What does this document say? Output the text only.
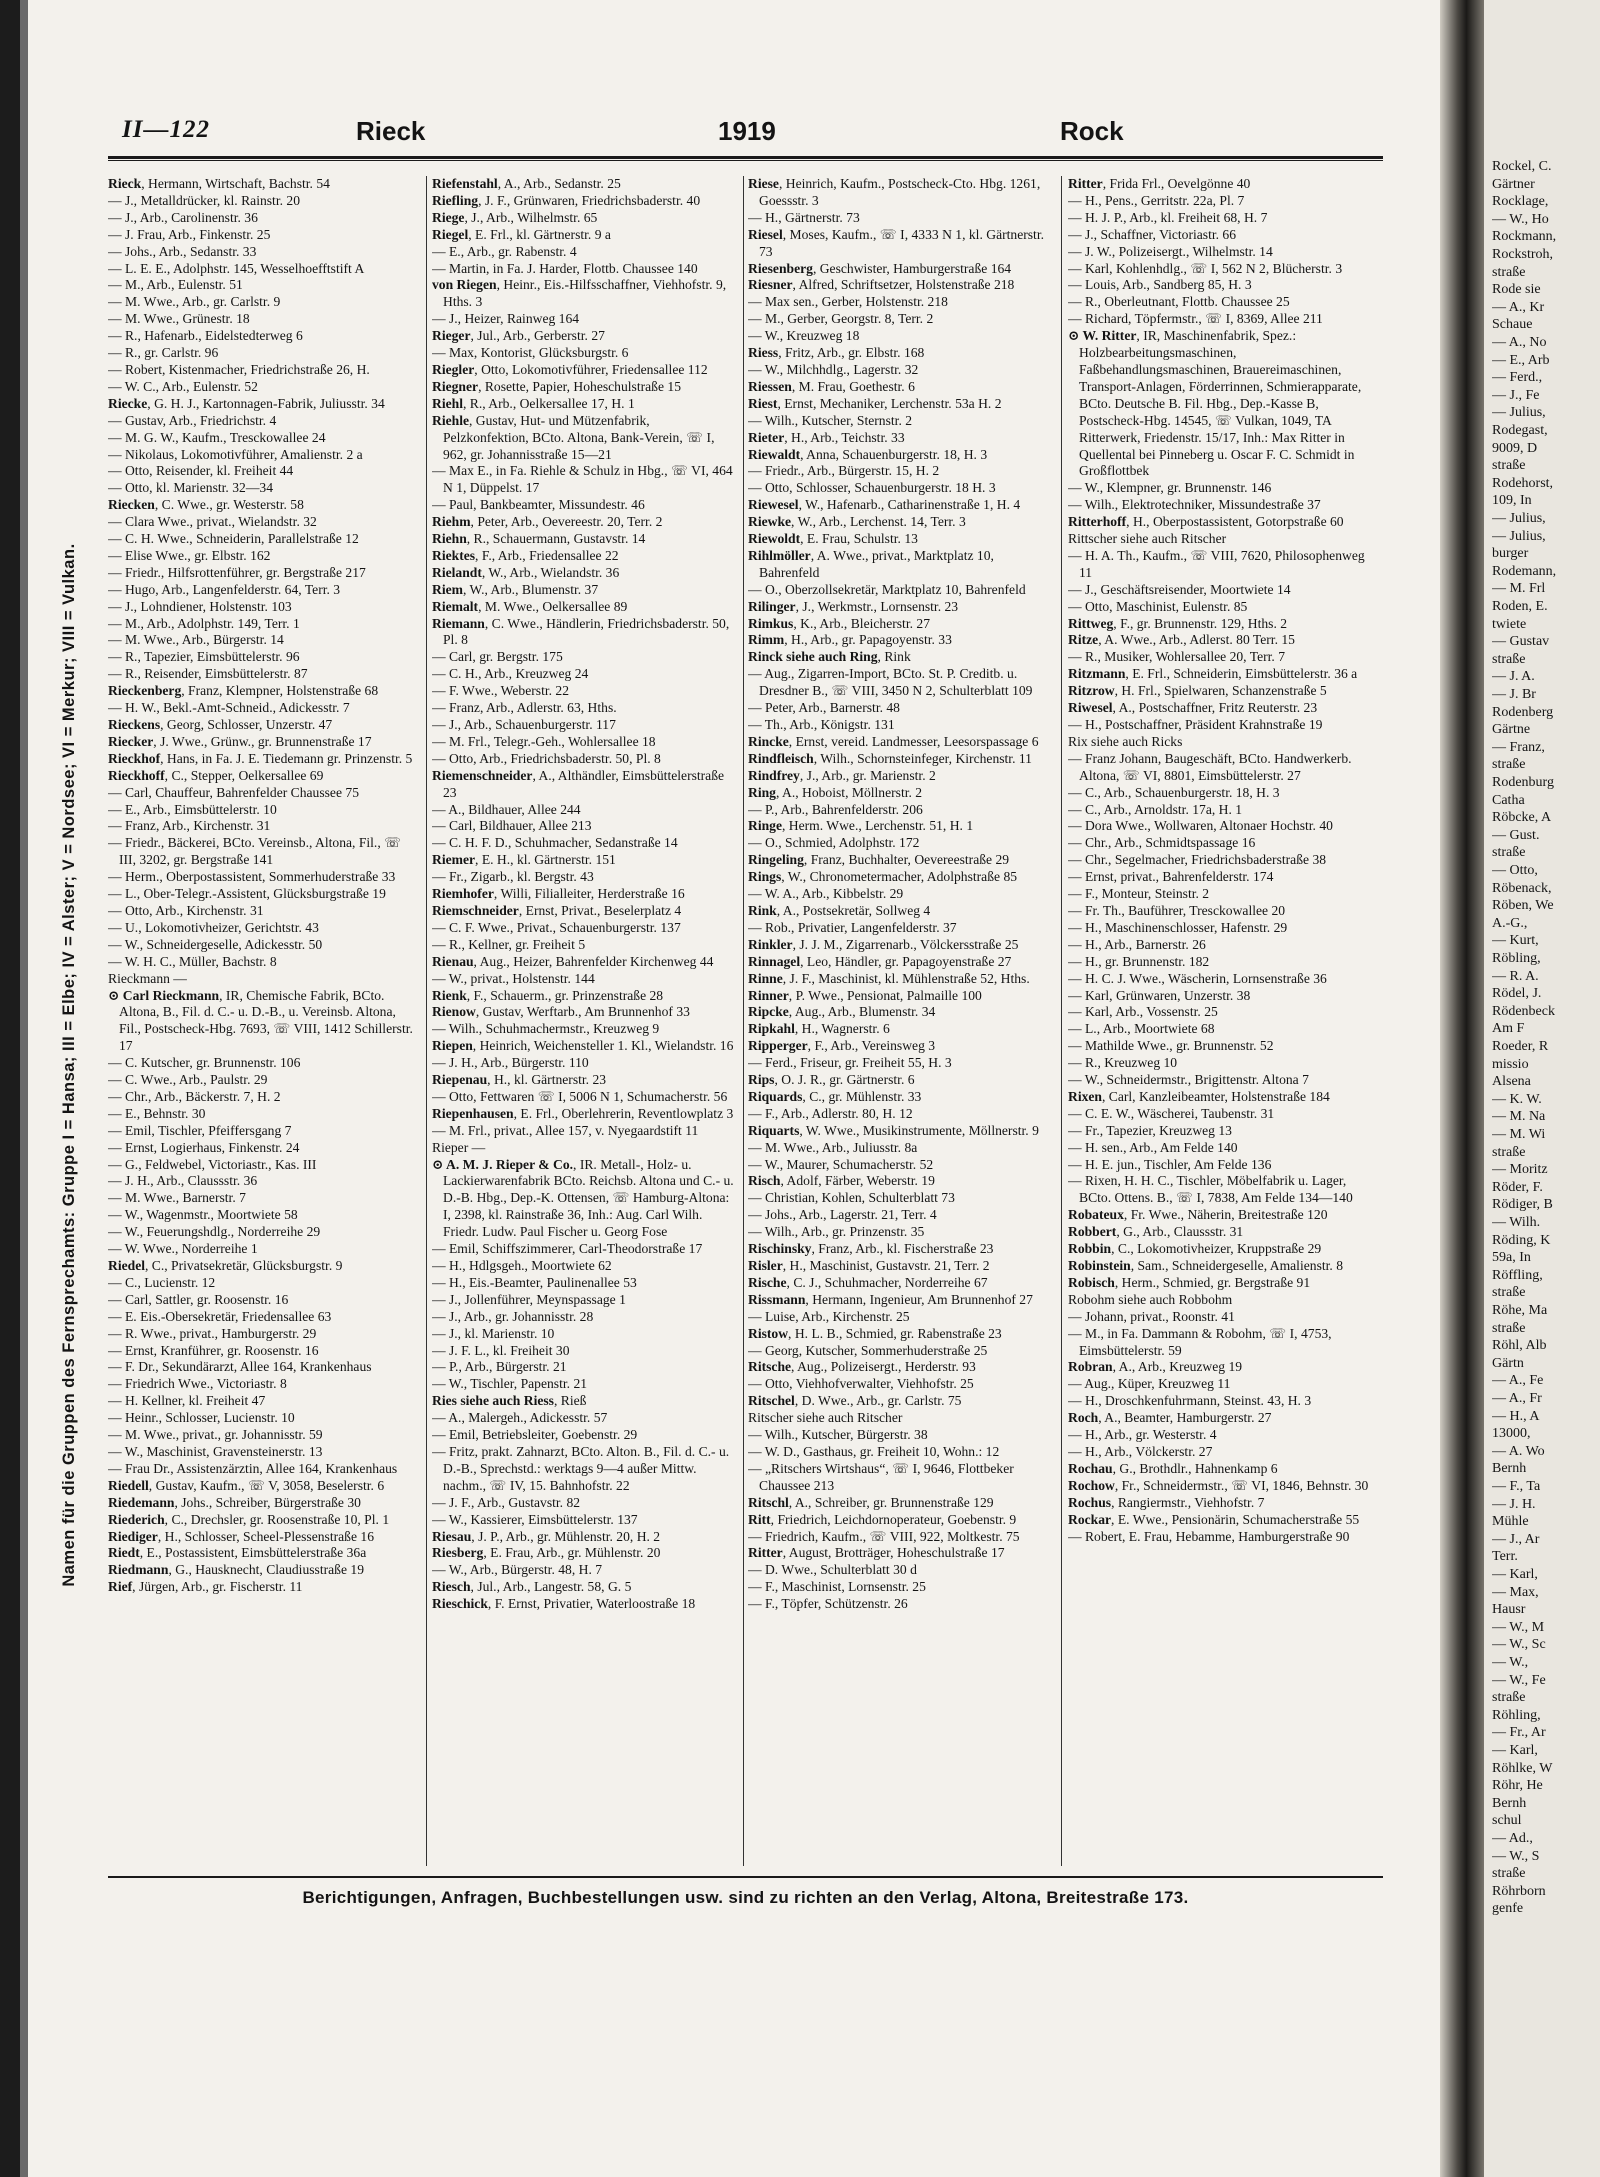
II—122	Rieck	1919	Rock
Namen für die Gruppen des Fernsprechamts: Gruppe I = Hansa; III = Elbe; IV = Alster; V = Nordsee; VI = Merkur; VIII = Vulkan.

Rieck, Hermann, Wirtschaft, Bachstr. 54

— J., Metalldrücker, kl. Rainstr. 20

— J., Arb., Carolinenstr. 36

— J. Frau, Arb., Finkenstr. 25

— Johs., Arb., Sedanstr. 33

— L. E. E., Adolphstr. 145, Wesselhoefftstift A

— M., Arb., Eulenstr. 51

— M. Wwe., Arb., gr. Carlstr. 9

— M. Wwe., Grünestr. 18

— R., Hafenarb., Eidelstedterweg 6

— R., gr. Carlstr. 96

— Robert, Kistenmacher, Friedrichstraße 26, H.

— W. C., Arb., Eulenstr. 52

Riecke, G. H. J., Kartonnagen-Fabrik, Juliusstr. 34

— Gustav, Arb., Friedrichstr. 4

— M. G. W., Kaufm., Tresckowallee 24

— Nikolaus, Lokomotivführer, Amalienstr. 2 a

— Otto, Reisender, kl. Freiheit 44

— Otto, kl. Marienstr. 32—34

Riecken, C. Wwe., gr. Westerstr. 58

— Clara Wwe., privat., Wielandstr. 32

— C. H. Wwe., Schneiderin, Parallelstraße 12

— Elise Wwe., gr. Elbstr. 162

— Friedr., Hilfsrottenführer, gr. Bergstraße 217

— Hugo, Arb., Langenfelderstr. 64, Terr. 3

— J., Lohndiener, Holstenstr. 103

— M., Arb., Adolphstr. 149, Terr. 1

— M. Wwe., Arb., Bürgerstr. 14

— R., Tapezier, Eimsbüttelerstr. 96

— R., Reisender, Eimsbüttelerstr. 87

Rieckenberg, Franz, Klempner, Holstenstraße 68

— H. W., Bekl.-Amt-Schneid., Adickesstr. 7

Rieckens, Georg, Schlosser, Unzerstr. 47

Riecker, J. Wwe., Grünw., gr. Brunnenstraße 17

Rieckhof, Hans, in Fa. J. E. Tiedemann gr. Prinzenstr. 5

Rieckhoff, C., Stepper, Oelkersallee 69

— Carl, Chauffeur, Bahrenfelder Chaussee 75

— E., Arb., Eimsbüttelerstr. 10

— Franz, Arb., Kirchenstr. 31

— Friedr., Bäckerei, BCto. Vereinsb., Altona, Fil., ☏ III, 3202, gr. Bergstraße 141

— Herm., Oberpostassistent, Sommerhuderstraße 33

— L., Ober-Telegr.-Assistent, Glücksburgstraße 19

— Otto, Arb., Kirchenstr. 31

— U., Lokomotivheizer, Gerichtstr. 43

— W., Schneidergeselle, Adickesstr. 50

— W. H. C., Müller, Bachstr. 8

Rieckmann —

⊙ Carl Rieckmann, IR, Chemische Fabrik, BCto. Altona, B., Fil. d. C.- u. D.-B., u. Vereinsb. Altona, Fil., Postscheck-Hbg. 7693, ☏ VIII, 1412 Schillerstr. 17

— C. Kutscher, gr. Brunnenstr. 106

— C. Wwe., Arb., Paulstr. 29

— Chr., Arb., Bäckerstr. 7, H. 2

— E., Behnstr. 30

— Emil, Tischler, Pfeiffersgang 7

— Ernst, Logierhaus, Finkenstr. 24

— G., Feldwebel, Victoriastr., Kas. III

— J. H., Arb., Claussstr. 36

— M. Wwe., Barnerstr. 7

— W., Wagenmstr., Moortwiete 58

— W., Feuerungshdlg., Norderreihe 29

— W. Wwe., Norderreihe 1

Riedel, C., Privatsekretär, Glücksburgstr. 9

— C., Lucienstr. 12

— Carl, Sattler, gr. Roosenstr. 16

— E. Eis.-Obersekretär, Friedensallee 63

— R. Wwe., privat., Hamburgerstr. 29

— Ernst, Kranführer, gr. Roosenstr. 16

— F. Dr., Sekundärarzt, Allee 164, Krankenhaus

— Friedrich Wwe., Victoriastr. 8

— H. Kellner, kl. Freiheit 47

— Heinr., Schlosser, Lucienstr. 10

— M. Wwe., privat., gr. Johannisstr. 59

— W., Maschinist, Gravensteinerstr. 13

— Frau Dr., Assistenzärztin, Allee 164, Krankenhaus

Riedell, Gustav, Kaufm., ☏ V, 3058, Beselerstr. 6

Riedemann, Johs., Schreiber, Bürgerstraße 30

Riederich, C., Drechsler, gr. Roosenstraße 10, Pl. 1

Riediger, H., Schlosser, Scheel-Plessenstraße 16

Riedt, E., Postassistent, Eimsbüttelerstraße 36a

Riedmann, G., Hausknecht, Claudiusstraße 19

Rief, Jürgen, Arb., gr. Fischerstr. 11

Riefenstahl, A., Arb., Sedanstr. 25

Riefling, J. F., Grünwaren, Friedrichsbaderstr. 40

Riege, J., Arb., Wilhelmstr. 65

Riegel, E. Frl., kl. Gärtnerstr. 9 a

— E., Arb., gr. Rabenstr. 4

— Martin, in Fa. J. Harder, Flottb. Chaussee 140

von Riegen, Heinr., Eis.-Hilfsschaffner, Viehhofstr. 9, Hths. 3

— J., Heizer, Rainweg 164

Rieger, Jul., Arb., Gerberstr. 27

— Max, Kontorist, Glücksburgstr. 6

Riegler, Otto, Lokomotivführer, Friedensallee 112

Riegner, Rosette, Papier, Hoheschulstraße 15

Riehl, R., Arb., Oelkersallee 17, H. 1

Riehle, Gustav, Hut- und Mützenfabrik, Pelzkonfektion, BCto. Altona, Bank-Verein, ☏ I, 962, gr. Johannisstraße 15—21

— Max E., in Fa. Riehle & Schulz in Hbg., ☏ VI, 464 N 1, Düppelst. 17

— Paul, Bankbeamter, Missundestr. 46

Riehm, Peter, Arb., Oevereestr. 20, Terr. 2

Riehn, R., Schauermann, Gustavstr. 14

Riektes, F., Arb., Friedensallee 22

Rielandt, W., Arb., Wielandstr. 36

Riem, W., Arb., Blumenstr. 37

Riemalt, M. Wwe., Oelkersallee 89

Riemann, C. Wwe., Händlerin, Friedrichsbaderstr. 50, Pl. 8

— Carl, gr. Bergstr. 175

— C. H., Arb., Kreuzweg 24

— F. Wwe., Weberstr. 22

— Franz, Arb., Adlerstr. 63, Hths.

— J., Arb., Schauenburgerstr. 117

— M. Frl., Telegr.-Geh., Wohlersallee 18

— Otto, Arb., Friedrichsbaderstr. 50, Pl. 8

Riemenschneider, A., Althändler, Eimsbüttelerstraße 23

— A., Bildhauer, Allee 244

— Carl, Bildhauer, Allee 213

— C. H. F. D., Schuhmacher, Sedanstraße 14

Riemer, E. H., kl. Gärtnerstr. 151

— Fr., Zigarb., kl. Bergstr. 43

Riemhofer, Willi, Filialleiter, Herderstraße 16

Riemschneider, Ernst, Privat., Beselerplatz 4

— C. F. Wwe., Privat., Schauenburgerstr. 137

— R., Kellner, gr. Freiheit 5

Rienau, Aug., Heizer, Bahrenfelder Kirchenweg 44

— W., privat., Holstenstr. 144

Rienk, F., Schauerm., gr. Prinzenstraße 28

Rienow, Gustav, Werftarb., Am Brunnenhof 33

— Wilh., Schuhmachermstr., Kreuzweg 9

Riepen, Heinrich, Weichensteller 1. Kl., Wielandstr. 16

— J. H., Arb., Bürgerstr. 110

Riepenau, H., kl. Gärtnerstr. 23

— Otto, Fettwaren ☏ I, 5006 N 1, Schumacherstr. 56

Riepenhausen, E. Frl., Oberlehrerin, Reventlowplatz 3

— M. Frl., privat., Allee 157, v. Nyegaardstift 11

Rieper —

⊙ A. M. J. Rieper & Co., IR. Metall-, Holz- u. Lackierwarenfabrik BCto. Reichsb. Altona und C.- u. D.-B. Hbg., Dep.-K. Ottensen, ☏ Hamburg-Altona: I, 2398, kl. Rainstraße 36, Inh.: Aug. Carl Wilh. Friedr. Ludw. Paul Fischer u. Georg Fose

— Emil, Schiffszimmerer, Carl-Theodorstraße 17

— H., Hdlgsgeh., Moortwiete 62

— H., Eis.-Beamter, Paulinenallee 53

— J., Jollenführer, Meynspassage 1

— J., Arb., gr. Johannisstr. 28

— J., kl. Marienstr. 10

— J. F. L., kl. Freiheit 30

— P., Arb., Bürgerstr. 21

— W., Tischler, Papenstr. 21

Ries siehe auch Riess, Rieß

— A., Malergeh., Adickesstr. 57

— Emil, Betriebsleiter, Goebenstr. 29

— Fritz, prakt. Zahnarzt, BCto. Alton. B., Fil. d. C.- u. D.-B., Sprechstd.: werktags 9—4 außer Mittw. nachm., ☏ IV, 15. Bahnhofstr. 22

— J. F., Arb., Gustavstr. 82

— W., Kassierer, Eimsbüttelerstr. 137

Riesau, J. P., Arb., gr. Mühlenstr. 20, H. 2

Riesberg, E. Frau, Arb., gr. Mühlenstr. 20

— W., Arb., Bürgerstr. 48, H. 7

Riesch, Jul., Arb., Langestr. 58, G. 5

Rieschick, F. Ernst, Privatier, Waterloostraße 18

Riese, Heinrich, Kaufm., Postscheck-Cto. Hbg. 1261, Goessstr. 3

— H., Gärtnerstr. 73

Riesel, Moses, Kaufm., ☏ I, 4333 N 1, kl. Gärtnerstr. 73

Riesenberg, Geschwister, Hamburgerstraße 164

Riesner, Alfred, Schriftsetzer, Holstenstraße 218

— Max sen., Gerber, Holstenstr. 218

— M., Gerber, Georgstr. 8, Terr. 2

— W., Kreuzweg 18

Riess, Fritz, Arb., gr. Elbstr. 168

— W., Milchhdlg., Lagerstr. 32

Riessen, M. Frau, Goethestr. 6

Riest, Ernst, Mechaniker, Lerchenstr. 53a H. 2

— Wilh., Kutscher, Sternstr. 2

Rieter, H., Arb., Teichstr. 33

Riewaldt, Anna, Schauenburgerstr. 18, H. 3

— Friedr., Arb., Bürgerstr. 15, H. 2

— Otto, Schlosser, Schauenburgerstr. 18 H. 3

Riewesel, W., Hafenarb., Catharinenstraße 1, H. 4

Riewke, W., Arb., Lerchenst. 14, Terr. 3

Riewoldt, E. Frau, Schulstr. 13

Rihlmöller, A. Wwe., privat., Marktplatz 10, Bahrenfeld

— O., Oberzollsekretär, Marktplatz 10, Bahrenfeld

Rilinger, J., Werkmstr., Lornsenstr. 23

Rimkus, K., Arb., Bleicherstr. 27

Rimm, H., Arb., gr. Papagoyenstr. 33

Rinck siehe auch Ring, Rink

— Aug., Zigarren-Import, BCto. St. P. Creditb. u. Dresdner B., ☏ VIII, 3450 N 2, Schulterblatt 109

— Peter, Arb., Barnerstr. 48

— Th., Arb., Königstr. 131

Rincke, Ernst, vereid. Landmesser, Leesorspassage 6

Rindfleisch, Wilh., Schornsteinfeger, Kirchenstr. 11

Rindfrey, J., Arb., gr. Marienstr. 2

Ring, A., Hoboist, Möllnerstr. 2

— P., Arb., Bahrenfelderstr. 206

Ringe, Herm. Wwe., Lerchenstr. 51, H. 1

— O., Schmied, Adolphstr. 172

Ringeling, Franz, Buchhalter, Oevereestraße 29

Rings, W., Chronometermacher, Adolphstraße 85

— W. A., Arb., Kibbelstr. 29

Rink, A., Postsekretär, Sollweg 4

— Rob., Privatier, Langenfelderstr. 37

Rinkler, J. J. M., Zigarrenarb., Völckersstraße 25

Rinnagel, Leo, Händler, gr. Papagoyenstraße 27

Rinne, J. F., Maschinist, kl. Mühlenstraße 52, Hths.

Rinner, P. Wwe., Pensionat, Palmaille 100

Ripcke, Aug., Arb., Blumenstr. 34

Ripkahl, H., Wagnerstr. 6

Ripperger, F., Arb., Vereinsweg 3

— Ferd., Friseur, gr. Freiheit 55, H. 3

Rips, O. J. R., gr. Gärtnerstr. 6

Riquards, C., gr. Mühlenstr. 33

— F., Arb., Adlerstr. 80, H. 12

Riquarts, W. Wwe., Musikinstrumente, Möllnerstr. 9

— M. Wwe., Arb., Juliusstr. 8a

— W., Maurer, Schumacherstr. 52

Risch, Adolf, Färber, Weberstr. 19

— Christian, Kohlen, Schulterblatt 73

— Johs., Arb., Lagerstr. 21, Terr. 4

— Wilh., Arb., gr. Prinzenstr. 35

Rischinsky, Franz, Arb., kl. Fischerstraße 23

Risler, H., Maschinist, Gustavstr. 21, Terr. 2

Rische, C. J., Schuhmacher, Norderreihe 67

Rissmann, Hermann, Ingenieur, Am Brunnenhof 27

— Luise, Arb., Kirchenstr. 25

Ristow, H. L. B., Schmied, gr. Rabenstraße 23

— Georg, Kutscher, Sommerhuderstraße 25

Ritsche, Aug., Polizeisergt., Herderstr. 93

— Otto, Viehhofverwalter, Viehhofstr. 25

Ritschel, D. Wwe., Arb., gr. Carlstr. 75

Ritscher siehe auch Ritscher

— Wilh., Kutscher, Bürgerstr. 38

— W. D., Gasthaus, gr. Freiheit 10, Wohn.: 12

— „Ritschers Wirtshaus“, ☏ I, 9646, Flottbeker Chaussee 213

Ritschl, A., Schreiber, gr. Brunnenstraße 129

Ritt, Friedrich, Leichdornoperateur, Goebenstr. 9

— Friedrich, Kaufm., ☏ VIII, 922, Moltkestr. 75

Ritter, August, Brotträger, Hoheschulstraße 17

— D. Wwe., Schulterblatt 30 d

— F., Maschinist, Lornsenstr. 25

— F., Töpfer, Schützenstr. 26

Ritter, Frida Frl., Oevelgönne 40

— H., Pens., Gerritstr. 22a, Pl. 7

— H. J. P., Arb., kl. Freiheit 68, H. 7

— J., Schaffner, Victoriastr. 66

— J. W., Polizeisergt., Wilhelmstr. 14

— Karl, Kohlenhdlg., ☏ I, 562 N 2, Blücherstr. 3

— Louis, Arb., Sandberg 85, H. 3

— R., Oberleutnant, Flottb. Chaussee 25

— Richard, Töpfermstr., ☏ I, 8369, Allee 211

⊙ W. Ritter, IR, Maschinenfabrik, Spez.: Holzbearbeitungsmaschinen, Faßbehandlungsmaschinen, Brauereimaschinen, Transport-Anlagen, Förderrinnen, Schmierapparate, BCto. Deutsche B. Fil. Hbg., Dep.-Kasse B, Postscheck-Hbg. 14545, ☏ Vulkan, 1049, TA Ritterwerk, Friedenstr. 15/17, Inh.: Max Ritter in Quellental bei Pinneberg u. Oscar F. C. Schmidt in Großflottbek

— W., Klempner, gr. Brunnenstr. 146

— Wilh., Elektrotechniker, Missundestraße 37

Ritterhoff, H., Oberpostassistent, Gotorpstraße 60

Rittscher siehe auch Ritscher

— H. A. Th., Kaufm., ☏ VIII, 7620, Philosophenweg 11

— J., Geschäftsreisender, Moortwiete 14

— Otto, Maschinist, Eulenstr. 85

Rittweg, F., gr. Brunnenstr. 129, Hths. 2

Ritze, A. Wwe., Arb., Adlerst. 80 Terr. 15

— R., Musiker, Wohlersallee 20, Terr. 7

Ritzmann, E. Frl., Schneiderin, Eimsbüttelerstr. 36 a

Ritzrow, H. Frl., Spielwaren, Schanzenstraße 5

Riwesel, A., Postschaffner, Fritz Reuterstr. 23

— H., Postschaffner, Präsident Krahnstraße 19

Rix siehe auch Ricks

— Franz Johann, Baugeschäft, BCto. Handwerkerb. Altona, ☏ VI, 8801, Eimsbüttelerstr. 27

— C., Arb., Schauenburgerstr. 18, H. 3

— C., Arb., Arnoldstr. 17a, H. 1

— Dora Wwe., Wollwaren, Altonaer Hochstr. 40

— Chr., Arb., Schmidtspassage 16

— Chr., Segelmacher, Friedrichsbaderstraße 38

— Ernst, privat., Bahrenfelderstr. 174

— F., Monteur, Steinstr. 2

— Fr. Th., Bauführer, Tresckowallee 20

— H., Maschinenschlosser, Hafenstr. 29

— H., Arb., Barnerstr. 26

— H., gr. Brunnenstr. 182

— H. C. J. Wwe., Wäscherin, Lornsenstraße 36

— Karl, Grünwaren, Unzerstr. 38

— Karl, Arb., Vossenstr. 25

— L., Arb., Moortwiete 68

— Mathilde Wwe., gr. Brunnenstr. 52

— R., Kreuzweg 10

— W., Schneidermstr., Brigittenstr. Altona 7

Rixen, Carl, Kanzleibeamter, Holstenstraße 184

— C. E. W., Wäscherei, Taubenstr. 31

— Fr., Tapezier, Kreuzweg 13

— H. sen., Arb., Am Felde 140

— H. E. jun., Tischler, Am Felde 136

— Rixen, H. H. C., Tischler, Möbelfabrik u. Lager, BCto. Ottens. B., ☏ I, 7838, Am Felde 134—140

Robateux, Fr. Wwe., Näherin, Breitestraße 120

Robbert, G., Arb., Claussstr. 31

Robbin, C., Lokomotivheizer, Kruppstraße 29

Robinstein, Sam., Schneidergeselle, Amalienstr. 8

Robisch, Herm., Schmied, gr. Bergstraße 91

Robohm siehe auch Robbohm

— Johann, privat., Roonstr. 41

— M., in Fa. Dammann & Robohm, ☏ I, 4753, Eimsbüttelerstr. 59

Robran, A., Arb., Kreuzweg 19

— Aug., Küper, Kreuzweg 11

— H., Droschkenfuhrmann, Steinst. 43, H. 3

Roch, A., Beamter, Hamburgerstr. 27

— H., Arb., gr. Westerstr. 4

— H., Arb., Völckerstr. 27

Rochau, G., Brothdlr., Hahnenkamp 6

Rochow, Fr., Schneidermstr., ☏ VI, 1846, Behnstr. 30

Rochus, Rangiermstr., Viehhofstr. 7

Rockar, E. Wwe., Pensionärin, Schumacherstraße 55

— Robert, E. Frau, Hebamme, Hamburgerstraße 90

Berichtigungen, Anfragen, Buchbestellungen usw. sind zu richten an den Verlag, Altona, Breitestraße 173.
Rockel, C.
Gärtner
Rocklage,
— W., Ho
Rockmann,
Rockstroh,
straße
Rode sie
— A., Kr
Schaue
— A., No
— E., Arb
— Ferd.,
— J., Fe
— Julius,
Rodegast,
9009, D
straße
Rodehorst,
109, In
— Julius,
— Julius,
burger
Rodemann,
— M. Frl
Roden, E.
twiete
— Gustav
straße
— J. A.
— J. Br
Rodenberg
Gärtne
— Franz,
straße
Rodenburg
Catha
Röbcke, A
— Gust.
straße
— Otto,
Röbenack,
Röben, We
A.-G.,
— Kurt,
Röbling,
— R. A.
Rödel, J.
Rödenbeck
Am F
Roeder, R
missio
Alsena
— K. W.
— M. Na
— M. Wi
straße
— Moritz
Röder, F.
Rödiger, B
— Wilh.
Röding, K
59a, In
Röffling,
straße
Röhe, Ma
straße
Röhl, Alb
Gärtn
— A., Fe
— A., Fr
— H., A
13000,
— A. Wo
Bernh
— F., Ta
— J. H.
Mühle
— J., Ar
Terr.
— Karl,
— Max,
Hausr
— W., M
— W., Sc
— W.,
— W., Fe
straße
Röhling,
— Fr., Ar
— Karl,
Röhlke, W
Röhr, He
Bernh
schul
— Ad.,
— W., S
straße
Röhrborn
genfe
